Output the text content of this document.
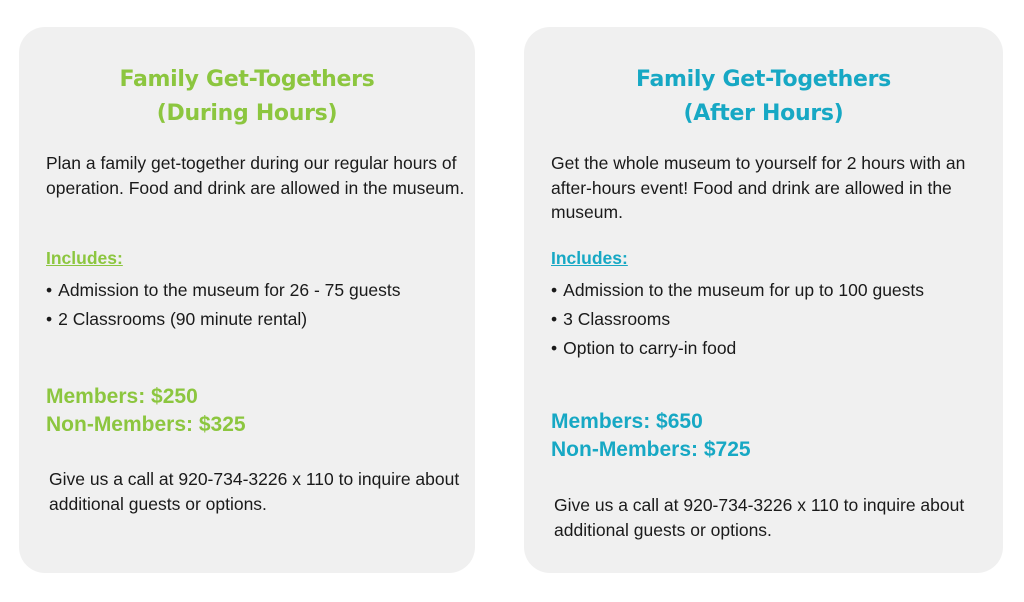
Family Get-Togethers
(During Hours)

Plan a family get-together during our regular hours of operation. Food and drink are allowed in the museum.

Includes:
• Admission to the museum for 26 - 75 guests
• 2 Classrooms (90 minute rental)
Members: $250
Non-Members: $325

Give us a call at 920-734-3226 x 110 to inquire about additional guests or options.

Family Get-Togethers
(After Hours)

Get the whole museum to yourself for 2 hours with an after-hours event! Food and drink are allowed in the museum.

Includes:
• Admission to the museum for up to 100 guests
• 3 Classrooms
• Option to carry-in food
Members: $650
Non-Members: $725

Give us a call at 920-734-3226 x 110 to inquire about additional guests or options.
